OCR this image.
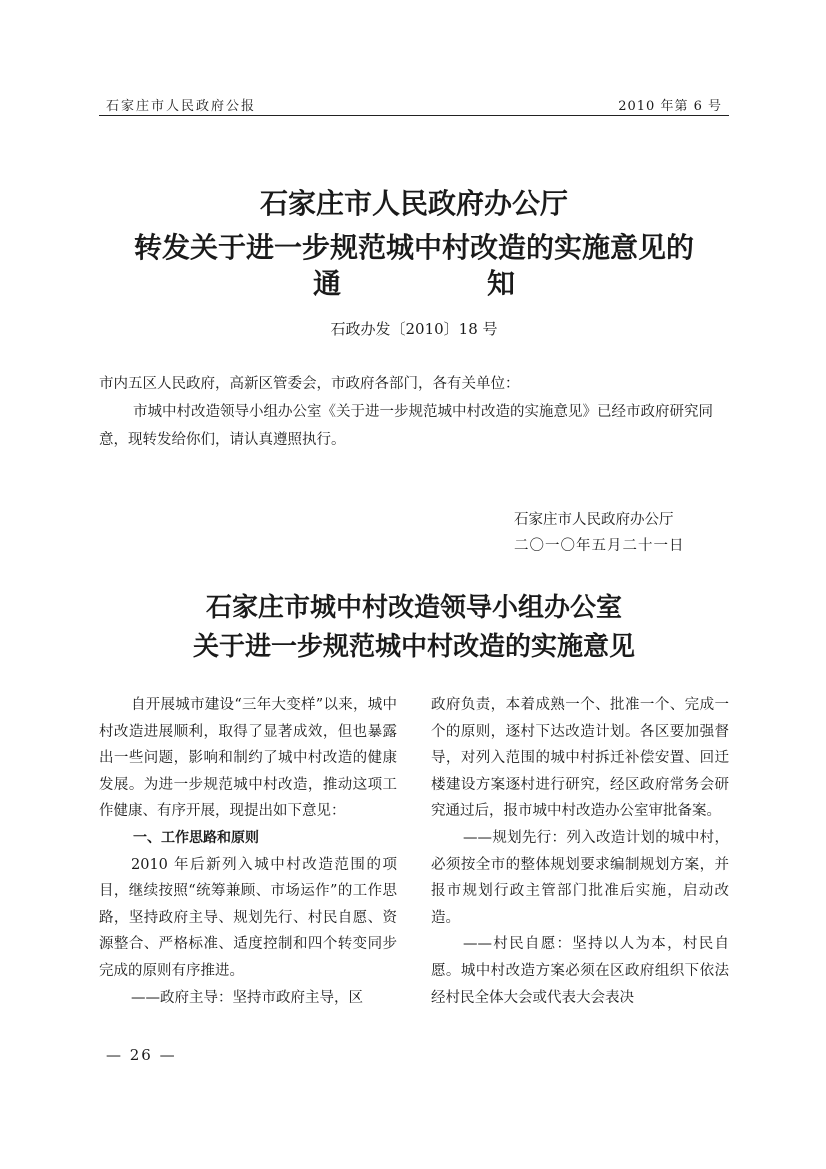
石家庄市人民政府公报	2010 年第 6 号
石家庄市人民政府办公厅
转发关于进一步规范城中村改造的实施意见的
通	知
石政办发〔2010〕18 号
市内五区人民政府，高新区管委会，市政府各部门，各有关单位：
市城中村改造领导小组办公室《关于进一步规范城中村改造的实施意见》已经市政府研究同意，现转发给你们，请认真遵照执行。
石家庄市人民政府办公厅
二〇一〇年五月二十一日
石家庄市城中村改造领导小组办公室
关于进一步规范城中村改造的实施意见

自开展城市建设“三年大变样”以来，城中村改造进展顺利，取得了显著成效，但也暴露出一些问题，影响和制约了城中村改造的健康发展。为进一步规范城中村改造，推动这项工作健康、有序开展，现提出如下意见：

一、工作思路和原则

2010 年后新列入城中村改造范围的项目，继续按照“统筹兼顾、市场运作”的工作思路，坚持政府主导、规划先行、村民自愿、资源整合、严格标准、适度控制和四个转变同步完成的原则有序推进。

——政府主导：坚持市政府主导，区

政府负责，本着成熟一个、批准一个、完成一个的原则，逐村下达改造计划。各区要加强督导，对列入范围的城中村拆迁补偿安置、回迁楼建设方案逐村进行研究，经区政府常务会研究通过后，报市城中村改造办公室审批备案。

——规划先行：列入改造计划的城中村，必须按全市的整体规划要求编制规划方案，并报市规划行政主管部门批准后实施，启动改造。

——村民自愿：坚持以人为本，村民自愿。城中村改造方案必须在区政府组织下依法经村民全体大会或代表大会表决

— 26 —
